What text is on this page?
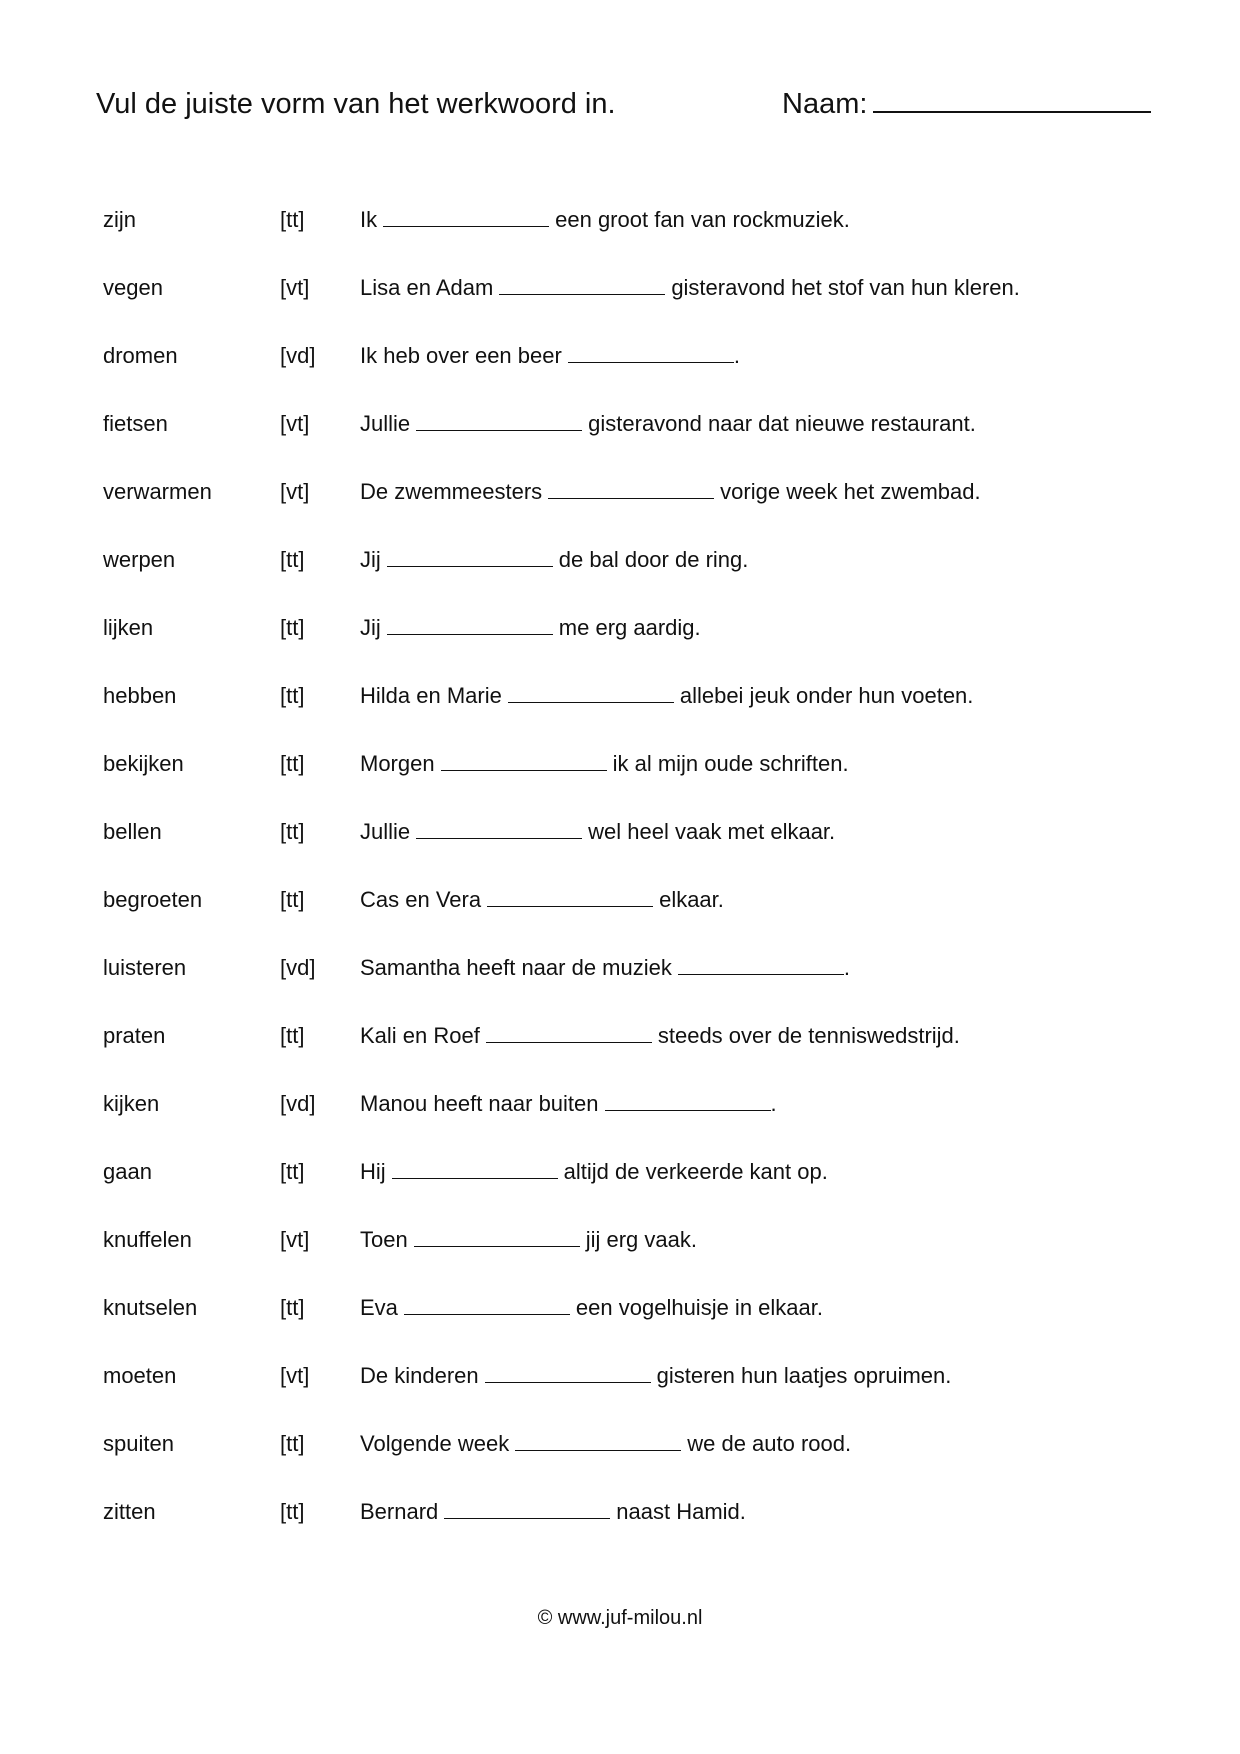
Vul de juiste vorm van het werkwoord in.	Naam:
zijn	[tt]	Ik	een groot fan van rockmuziek.
vegen	[vt] Lisa en Adam	gisteravond het stof van hun kleren.
dromen	[vd] Ik heb over een beer	.
fietsen	[vt] Jullie	gisteravond naar dat nieuwe restaurant.
verwarmen	[vt] De zwemmeesters	vorige week het zwembad.
werpen	[tt]	Jij	de bal door de ring.
lijken	[tt]	Jij	me erg aardig.
hebben	[tt]	Hilda en Marie	allebei jeuk onder hun voeten.
bekijken	[tt]	Morgen	ik al mijn oude schriften.
bellen	[tt]	Jullie	wel heel vaak met elkaar.
begroeten	[tt]	Cas en Vera	elkaar.
luisteren	[vd] Samantha heeft naar de muziek	.
praten	[tt]	Kali en Roef	steeds over de tenniswedstrijd.
kijken	[vd] Manou heeft naar buiten	.
gaan	[tt]	Hij	altijd de verkeerde kant op.
knuffelen	[vt] Toen	jij erg vaak.
knutselen	[tt]	Eva	een vogelhuisje in elkaar.
moeten	[vt] De kinderen	gisteren hun laatjes opruimen.
spuiten	[tt]	Volgende week	we de auto rood.
zitten	[tt]	Bernard	naast Hamid.
© www.juf-milou.nl
